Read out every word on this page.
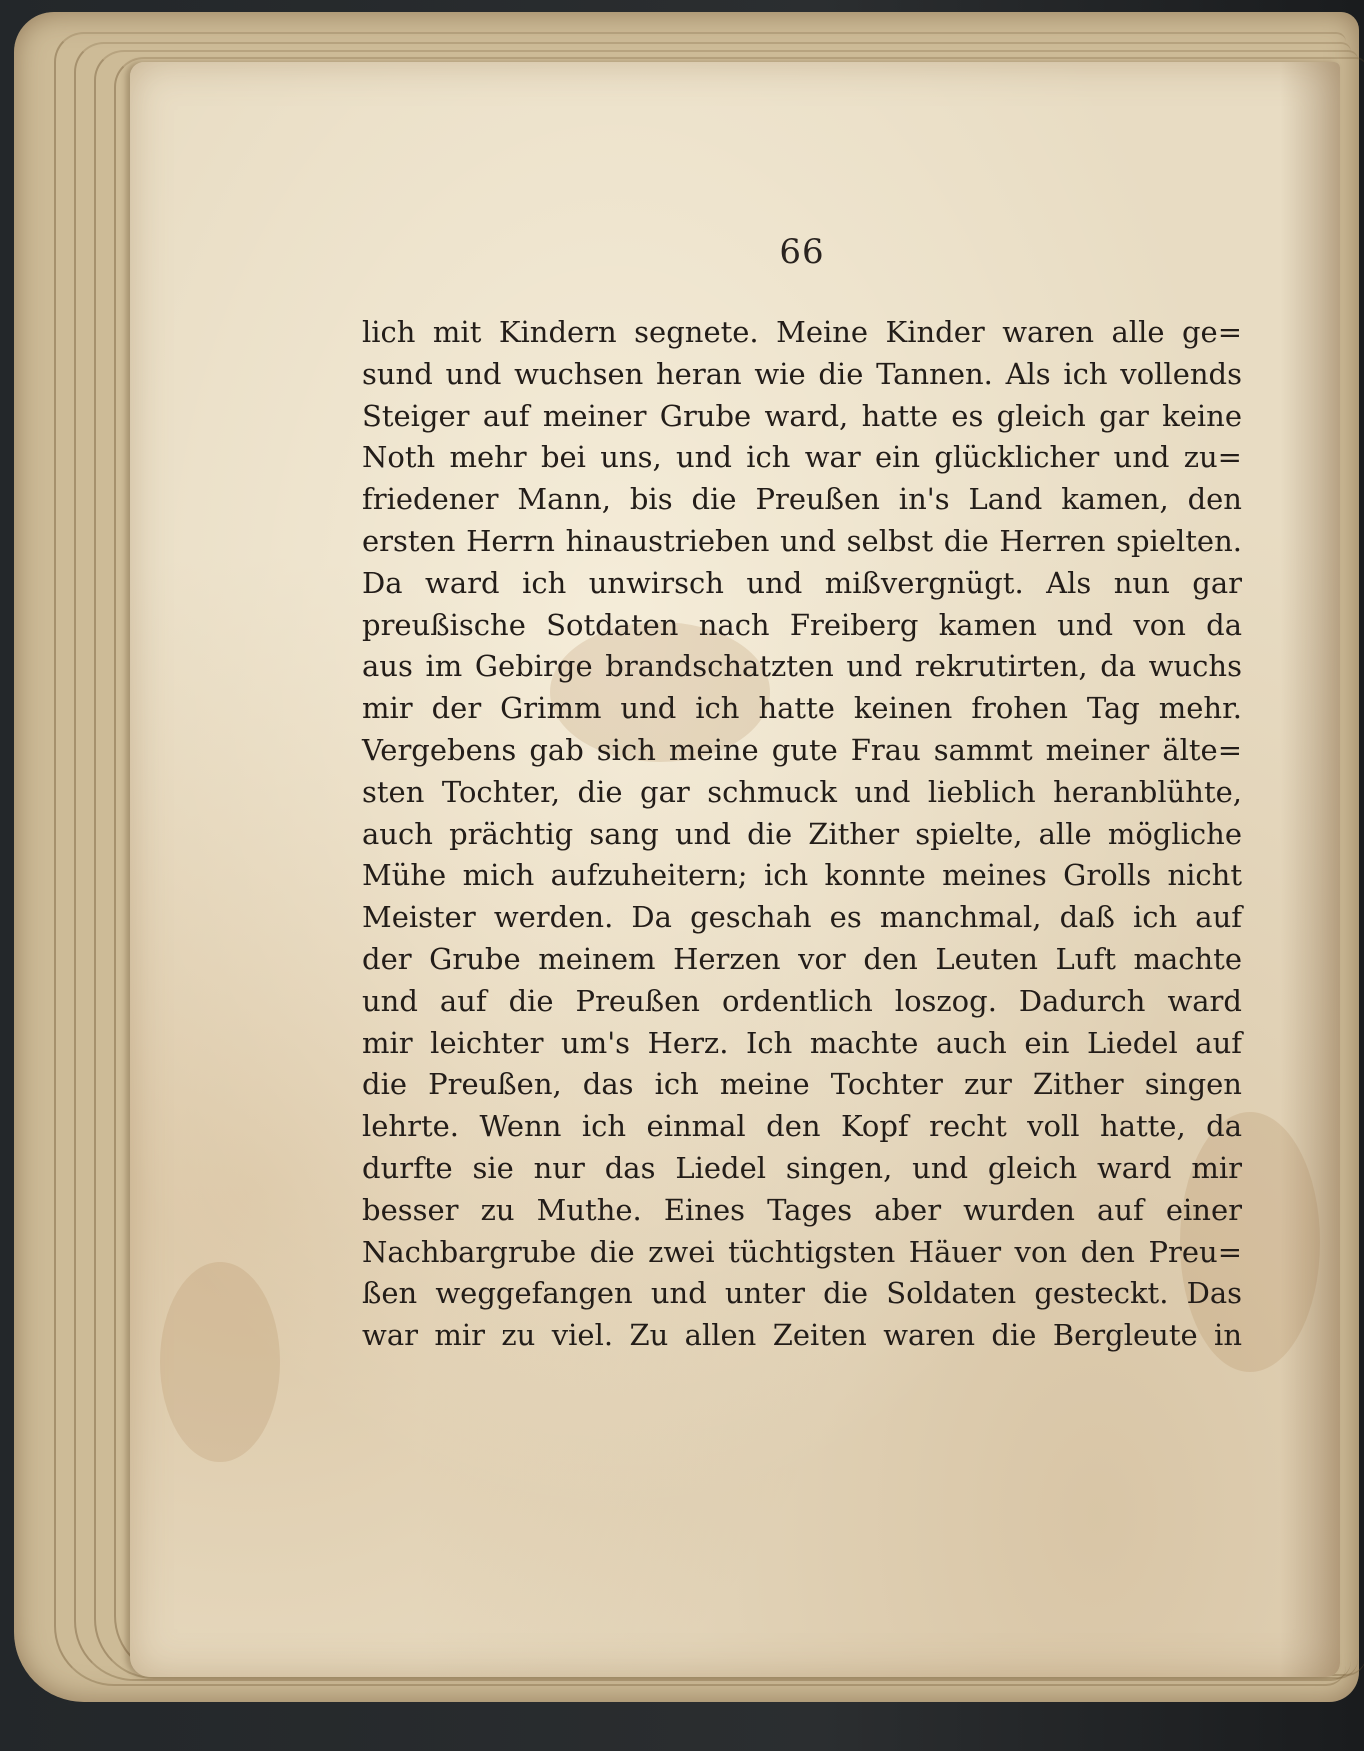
66
lich mit Kindern segnete. Meine Kinder waren alle ge=
sund und wuchsen heran wie die Tannen. Als ich vollends
Steiger auf meiner Grube ward, hatte es gleich gar keine
Noth mehr bei uns, und ich war ein glücklicher und zu=
friedener Mann, bis die Preußen in's Land kamen, den
ersten Herrn hinaustrieben und selbst die Herren spielten.
Da ward ich unwirsch und mißvergnügt. Als nun gar
preußische Sotdaten nach Freiberg kamen und von da
aus im Gebirge brandschatzten und rekrutirten, da wuchs
mir der Grimm und ich hatte keinen frohen Tag mehr.
Vergebens gab sich meine gute Frau sammt meiner älte=
sten Tochter, die gar schmuck und lieblich heranblühte,
auch prächtig sang und die Zither spielte, alle mögliche
Mühe mich aufzuheitern; ich konnte meines Grolls nicht
Meister werden. Da geschah es manchmal, daß ich auf
der Grube meinem Herzen vor den Leuten Luft machte
und auf die Preußen ordentlich loszog. Dadurch ward
mir leichter um's Herz. Ich machte auch ein Liedel auf
die Preußen, das ich meine Tochter zur Zither singen
lehrte. Wenn ich einmal den Kopf recht voll hatte, da
durfte sie nur das Liedel singen, und gleich ward mir
besser zu Muthe. Eines Tages aber wurden auf einer
Nachbargrube die zwei tüchtigsten Häuer von den Preu=
ßen weggefangen und unter die Soldaten gesteckt. Das
war mir zu viel. Zu allen Zeiten waren die Bergleute in
